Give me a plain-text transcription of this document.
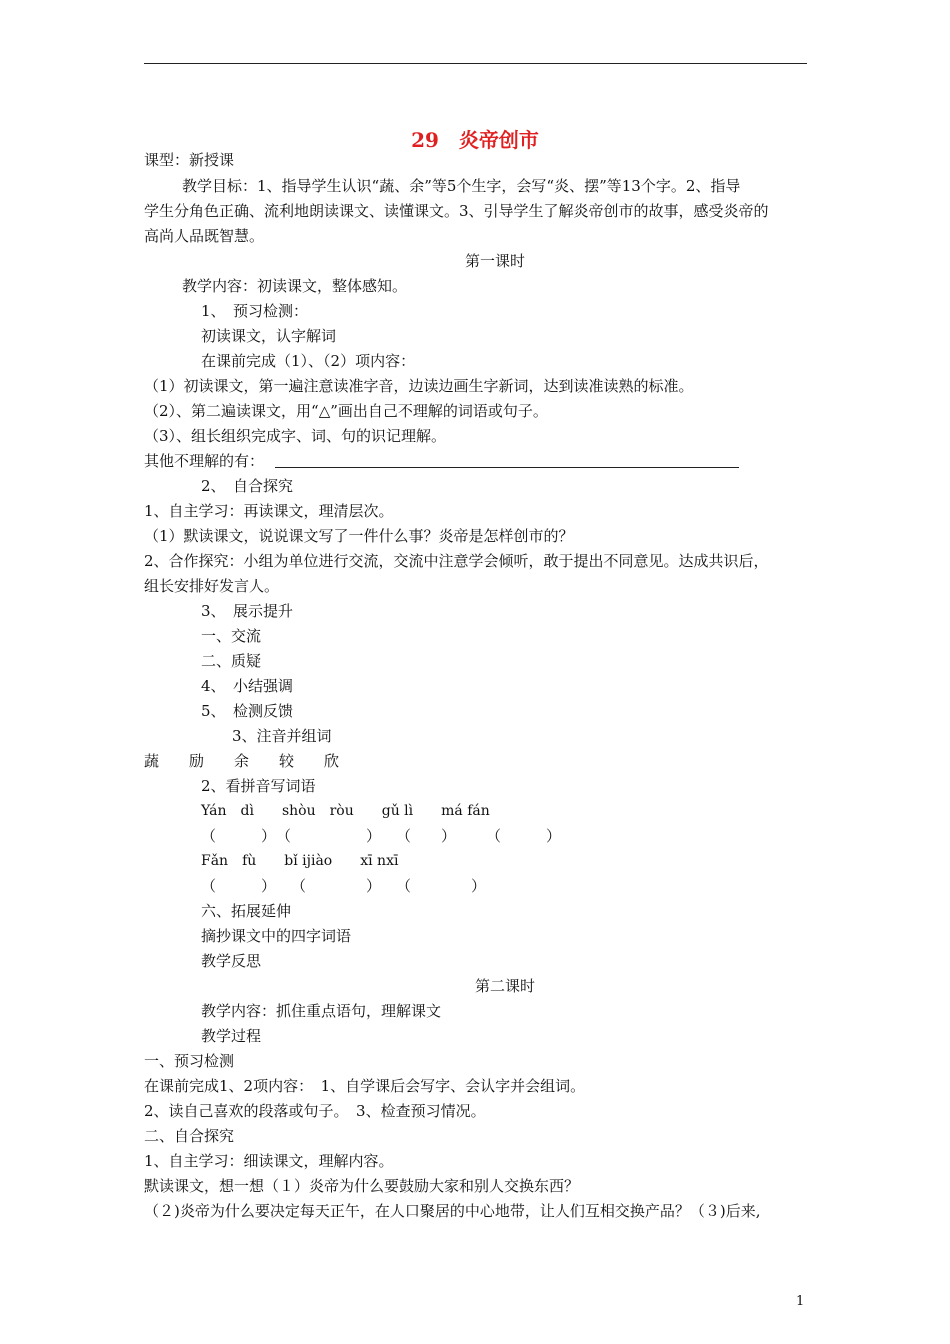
29　炎帝创市
课型：新授课
教学目标：1、指导学生认识“蔬、余”等5个生字，会写“炎、摆”等13个字。2、指导
学生分角色正确、流利地朗读课文、读懂课文。3、引导学生了解炎帝创市的故事，感受炎帝的
高尚人品既智慧。
第一课时
教学内容：初读课文，整体感知。
1、　预习检测：
初读课文，认字解词
在课前完成（1）、（2）项内容：
（1）初读课文，第一遍注意读准字音，边读边画生字新词，达到读准读熟的标准。
（2）、第二遍读课文，用“△”画出自己不理解的词语或句子。
（3）、组长组织完成字、词、句的识记理解。
其他不理解的有：
2、　自合探究
1、自主学习：再读课文，理清层次。
（1）默读课文，说说课文写了一件什么事？炎帝是怎样创市的？
2、合作探究：小组为单位进行交流，交流中注意学会倾听，敢于提出不同意见。达成共识后，
组长安排好发言人。
3、　展示提升
一、交流
二、质疑
4、　小结强调
5、　检测反馈
3、注音并组词
蔬　　励　　余　　较　　欣
2、看拼音写词语
Yán　dì　　shòu　ròu　　gǔ lì　　má fán
（　　　）　（　　　　　）　　（　　）　　　（　　　）
Fǎn　fù　　bǐ ijiào　　xī nxī
（　　　）　　（　　　　）　　（　　　　）
六、拓展延伸
摘抄课文中的四字词语
教学反思
第二课时
教学内容：抓住重点语句，理解课文
教学过程
一、预习检测
在课前完成1、2项内容：　1、自学课后会写字、会认字并会组词。
2、读自己喜欢的段落或句子。　3、检查预习情况。
二、自合探究
1、自主学习：细读课文，理解内容。
默读课文，想一想（１）炎帝为什么要鼓励大家和别人交换东西？
（２)炎帝为什么要决定每天正午，在人口聚居的中心地带，让人们互相交换产品？（３)后来,
1
